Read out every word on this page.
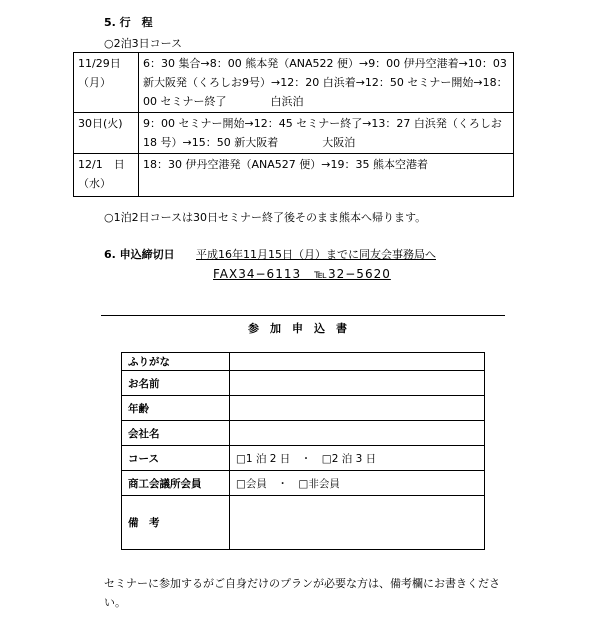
5. 行　程
○2泊3日コース
11/29日
（月）	6：30 集合→8：00 熊本発（ANA522 便）→9：00 伊丹空港着→10：03 新大阪発（くろしお9号）→12：20 白浜着→12：50 セミナー開始→18：00 セミナー終了　　　　白浜泊
30日(火)	9：00 セミナー開始→12：45 セミナー終了→13：27 白浜発（くろしお18 号）→15：50 新大阪着　　　　大阪泊

12/1　日
（水）	18：30 伊丹空港発（ANA527 便）→19：35 熊本空港着
○1泊2日コースは30日セミナー終了後そのまま熊本へ帰ります。
6. 申込締切日 平成16年11月15日（月）までに同友会事務局へ
FAX34−6113　℡32−5620
参　加　申　込　書
ふりがな	
お名前	
年齢	
会社名	
コース	□1 泊 2 日　・　□2 泊 3 日
商工会議所会員	□会員　・　□非会員
備　考	
セミナーに参加するがご自身だけのプランが必要な方は、備考欄にお書きくださ
い。
